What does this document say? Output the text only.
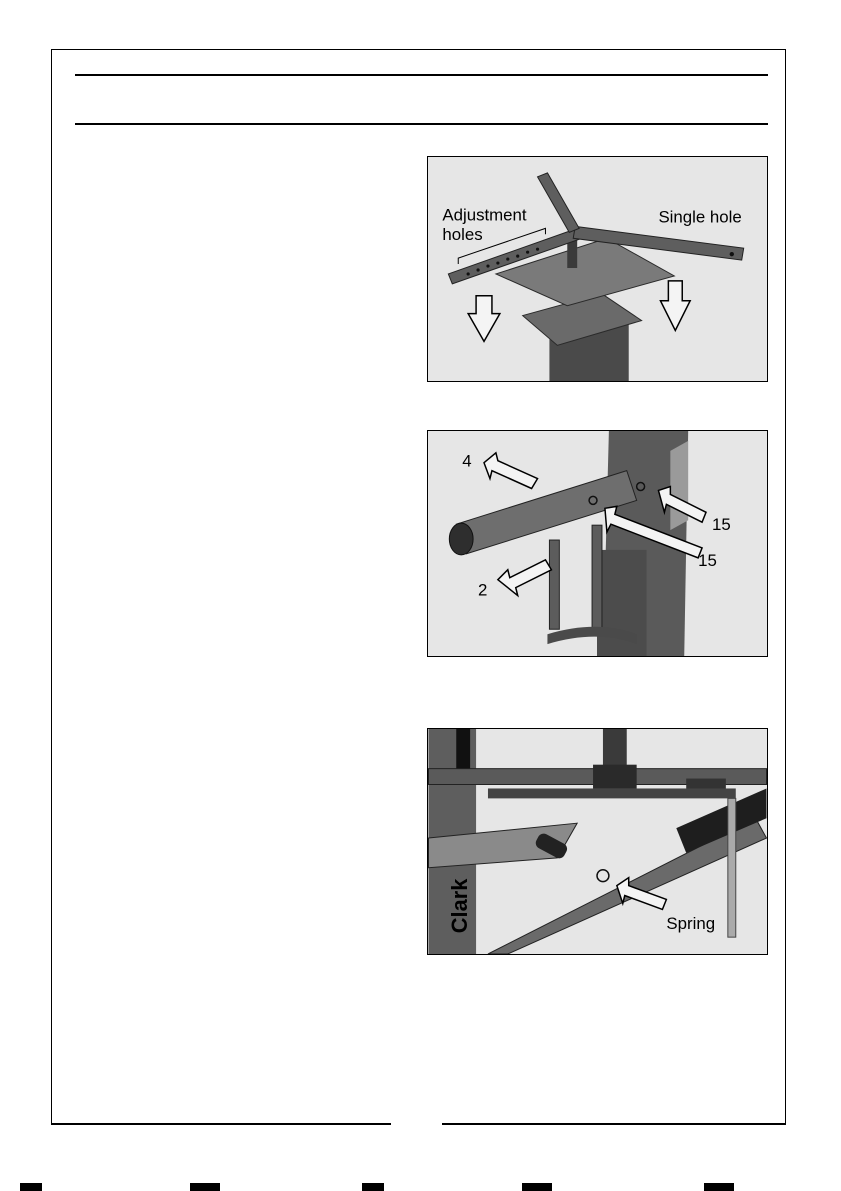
Adjustment
holes
Single hole
4
15
15
2
Clark	Spring
